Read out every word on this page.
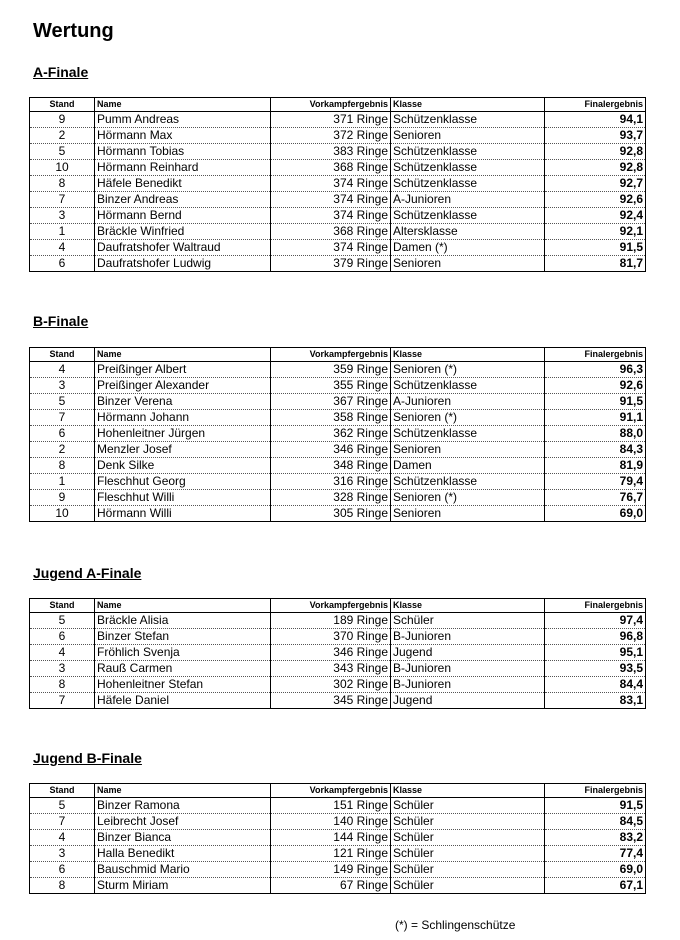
Wertung
A-Finale
Stand	Name	Vorkampfergebnis	Klasse	Finalergebnis
9	Pumm Andreas	371 Ringe	Schützenklasse	94,1
2	Hörmann Max	372 Ringe	Senioren	93,7
5	Hörmann Tobias	383 Ringe	Schützenklasse	92,8
10	Hörmann Reinhard	368 Ringe	Schützenklasse	92,8
8	Häfele Benedikt	374 Ringe	Schützenklasse	92,7
7	Binzer Andreas	374 Ringe	A-Junioren	92,6
3	Hörmann Bernd	374 Ringe	Schützenklasse	92,4
1	Bräckle Winfried	368 Ringe	Altersklasse	92,1
4	Daufratshofer Waltraud	374 Ringe	Damen (*)	91,5
6	Daufratshofer Ludwig	379 Ringe	Senioren	81,7
B-Finale
Stand	Name	Vorkampfergebnis	Klasse	Finalergebnis
4	Preißinger Albert	359 Ringe	Senioren (*)	96,3
3	Preißinger Alexander	355 Ringe	Schützenklasse	92,6
5	Binzer Verena	367 Ringe	A-Junioren	91,5
7	Hörmann Johann	358 Ringe	Senioren (*)	91,1
6	Hohenleitner Jürgen	362 Ringe	Schützenklasse	88,0
2	Menzler Josef	346 Ringe	Senioren	84,3
8	Denk Silke	348 Ringe	Damen	81,9
1	Fleschhut Georg	316 Ringe	Schützenklasse	79,4
9	Fleschhut Willi	328 Ringe	Senioren (*)	76,7
10	Hörmann Willi	305 Ringe	Senioren	69,0
Jugend A-Finale
Stand	Name	Vorkampfergebnis	Klasse	Finalergebnis
5	Bräckle Alisia	189 Ringe	Schüler	97,4
6	Binzer Stefan	370 Ringe	B-Junioren	96,8
4	Fröhlich Svenja	346 Ringe	Jugend	95,1
3	Rauß Carmen	343 Ringe	B-Junioren	93,5
8	Hohenleitner Stefan	302 Ringe	B-Junioren	84,4
7	Häfele Daniel	345 Ringe	Jugend	83,1
Jugend B-Finale
Stand	Name	Vorkampfergebnis	Klasse	Finalergebnis
5	Binzer Ramona	151 Ringe	Schüler	91,5
7	Leibrecht Josef	140 Ringe	Schüler	84,5
4	Binzer Bianca	144 Ringe	Schüler	83,2
3	Halla Benedikt	121 Ringe	Schüler	77,4
6	Bauschmid Mario	149 Ringe	Schüler	69,0
8	Sturm Miriam	67 Ringe	Schüler	67,1
(*) = Schlingenschütze
